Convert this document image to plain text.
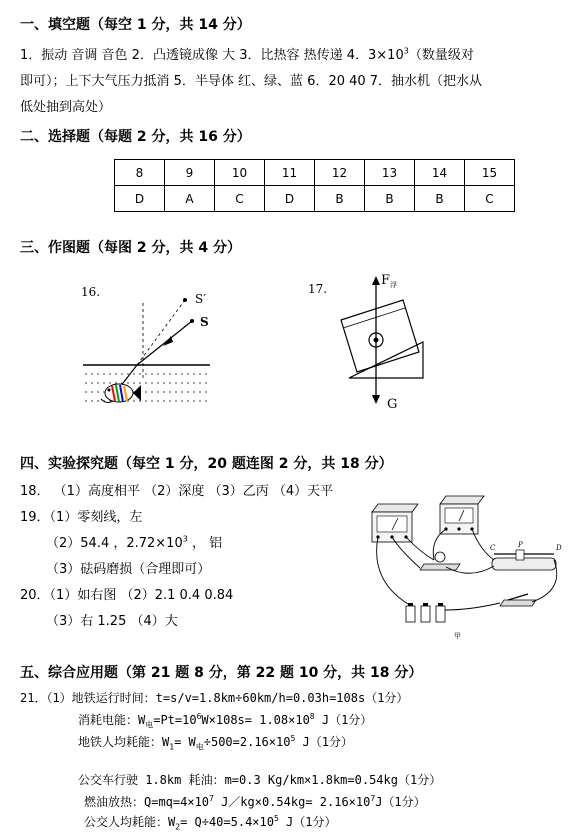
一、填空题（每空 1 分，共 14 分）
1．振动 音调 音色 2．凸透镜成像 大 3．比热容 热传递 4．$3\times 10^3$（数量级对
即可）；上下大气压力抵消 5．半导体 红、绿、蓝 6．20 40 7．抽水机（把水从
低处抽到高处）
二、选择题（每题 2 分，共 16 分）
8	9	10	11	12	13	14	15
D	A	C	D	B	B	B	C
三、作图题（每图 2 分，共 4 分）
16.	S′
S
17.
$F_浮$
G
四、实验探究题（每空 1 分，20 题连图 2 分，共 18 分）
18． （1）高度相平 （2）深度 （3）乙丙 （4）天平
19．（1）零刻线，左
（2）54.4 ，$2.72\times 10^3$ ， 铝
（3）砝码磨损（合理即可）
20．（1）如右图 （2）2.1 0.4 0.84
（3）右 1.25 （4）大
C	P	D
甲
五、综合应用题（第 21 题 8 分，第 22 题 10 分，共 18 分）
21．（1）地铁运行时间：t=s/v=1.8km÷60km/h=0.03h=108s（1分）
消耗电能：$W_电=Pt=10^6W\times 108s= 1.08\times 10^8$ J（1分）
地铁人均耗能：$W_1= W_电\div 500=2.16\times 10^5$ J（1分）
公交车行驶 1.8km 耗油：m=0.3 Kg/km×1.8km=0.54kg（1分）
燃油放热：$Q=mq=4\times 10^7$ J／kg×0.54kg= $2.16\times 10^7J(1$分）
公交人均耗能：$W_2= Q\div 40=5.4\times 10^5$ J（1分）
